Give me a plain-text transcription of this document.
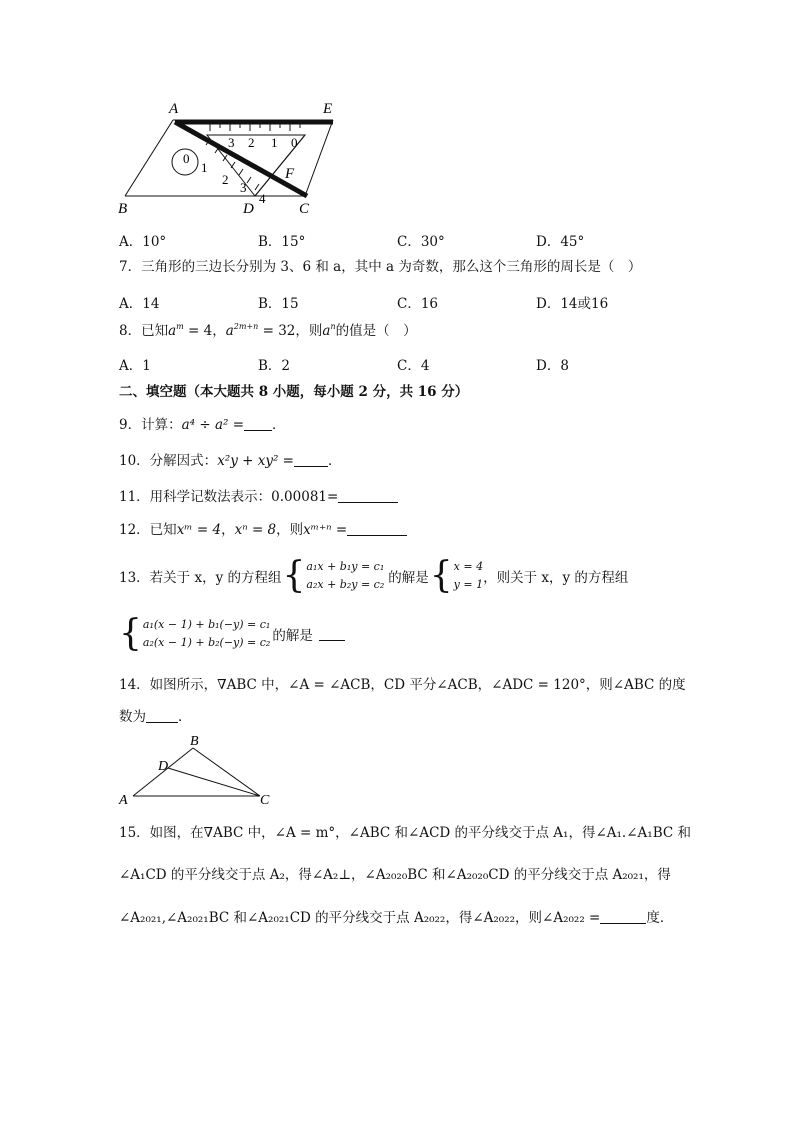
A	E
B	D	C
F
3 2 1 0
0
1
2
3
4
A．10°	B．15°	C．30°	D．45°
7．三角形的三边长分别为 3、6 和 a，其中 a 为奇数，那么这个三角形的周长是（　）
A．14	B．15	C．16	D．14或16
8．已知$a^m = 4$，$a^{2m+n} = 32$，则$a^n$的值是（　）
A．1	B．2	C．4	D．8
二、填空题（本大题共 8 小题，每小题 2 分，共 16 分）
9．计算：a⁴ ÷ a² = ．
10．分解因式：x²y + xy² =	．
11．用科学记数法表示：0.00081=
12．已知xᵐ = 4，xⁿ = 8，则xᵐ⁺ⁿ =
13．若关于 x，y 的方程组 { a₁x + b₁y = c₁
a₂x + b₂y = c₂ 的解是 { x = 4
y = 1 ，则关于 x，y 的方程组
{ a₁(x − 1) + b₁(−y) = c₁
a₂(x − 1) + b₂(−y) = c₂ 的解是
14．如图所示，∇ABC 中，∠A = ∠ACB，CD 平分∠ACB，∠ADC = 120°，则∠ABC 的度
数为 ．
B
D
A	C
15．如图，在∇ABC 中，∠A = m°，∠ABC 和∠ACD 的平分线交于点 A₁，得∠A₁.∠A₁BC 和
∠A₁CD 的平分线交于点 A₂，得∠A₂⊥，∠A₂₀₂₀BC 和∠A₂₀₂₀CD 的平分线交于点 A₂₀₂₁，得
∠A₂₀₂₁,∠A₂₀₂₁BC 和∠A₂₀₂₁CD 的平分线交于点 A₂₀₂₂，得∠A₂₀₂₂，则∠A₂₀₂₂ =	度．
